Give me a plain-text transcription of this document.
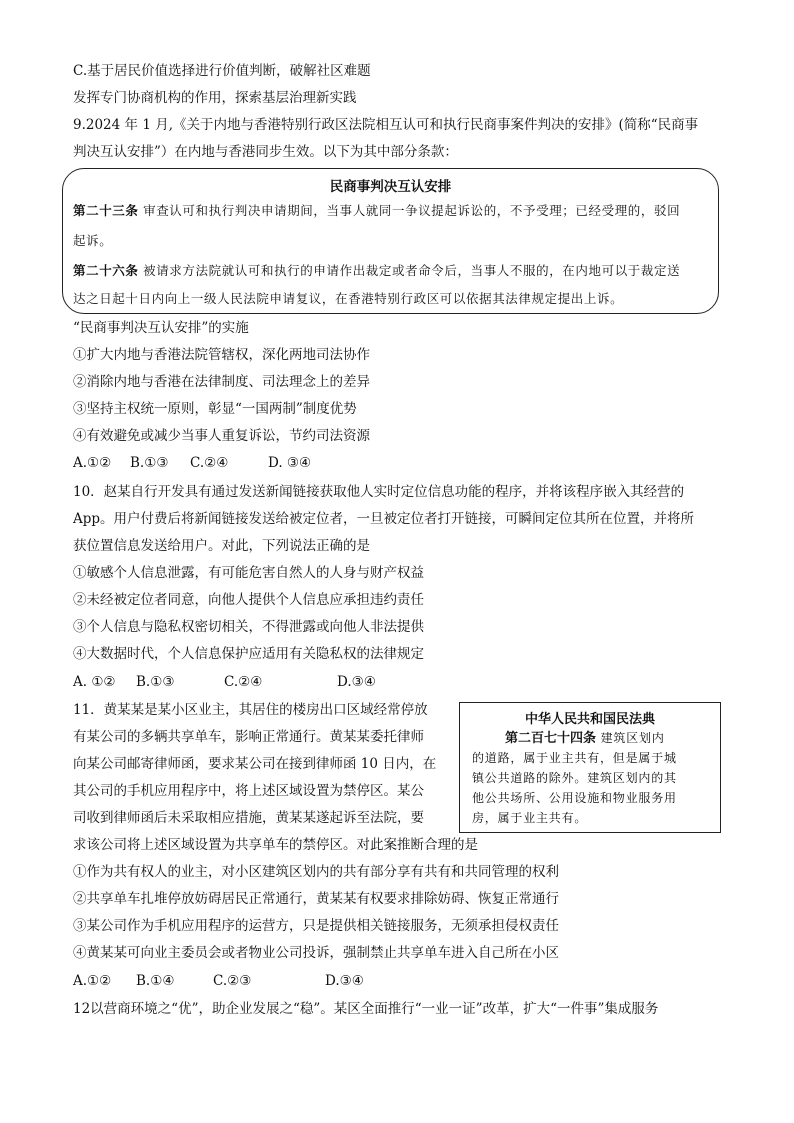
C.基于居民价值选择进行价值判断，破解社区难题
发挥专门协商机构的作用，探索基层治理新实践
9.2024 年 1 月,《关于内地与香港特别行政区法院相互认可和执行民商事案件判决的安排》(简称“民商事
判决互认安排”）在内地与香港同步生效。以下为其中部分条款：
民商事判决互认安排
第二十三条 审查认可和执行判决申请期间，当事人就同一争议提起诉讼的，不予受理；已经受理的，驳回
起诉。
第二十六条 被请求方法院就认可和执行的申请作出裁定或者命令后，当事人不服的，在内地可以于裁定送
达之日起十日内向上一级人民法院申请复议，在香港特别行政区可以依据其法律规定提出上诉。
“民商事判决互认安排”的实施
①扩大内地与香港法院管辖权，深化两地司法协作
②消除内地与香港在法律制度、司法理念上的差异
③坚持主权统一原则，彰显“一国两制”制度优势
④有效避免或减少当事人重复诉讼，节约司法资源
A.①② B.①③ C.②④	D. ③④
10．赵某自行开发具有通过发送新闻链接获取他人实时定位信息功能的程序，并将该程序嵌入其经营的
App。用户付费后将新闻链接发送给被定位者，一旦被定位者打开链接，可瞬间定位其所在位置，并将所
获位置信息发送给用户。对此，下列说法正确的是
①敏感个人信息泄露，有可能危害自然人的人身与财产权益
②未经被定位者同意，向他人提供个人信息应承担违约责任
③个人信息与隐私权密切相关，不得泄露或向他人非法提供
④大数据时代，个人信息保护应适用有关隐私权的法律规定
A. ①② B.①③	C.②④	D.③④
11．黄某某是某小区业主，其居住的楼房出口区域经常停放
有某公司的多辆共享单车，影响正常通行。黄某某委托律师
向某公司邮寄律师函，要求某公司在接到律师函 10 日内，在
其公司的手机应用程序中，将上述区域设置为禁停区。某公
司收到律师函后未采取相应措施，黄某某遂起诉至法院，要
求该公司将上述区域设置为共享单车的禁停区。对此案推断合理的是
中华人民共和国民法典
第二百七十四条 建筑区划内
的道路，属于业主共有，但是属于城
镇公共道路的除外。建筑区划内的其
他公共场所、公用设施和物业服务用
房，属于业主共有。
①作为共有权人的业主，对小区建筑区划内的共有部分享有共有和共同管理的权利
②共享单车扎堆停放妨碍居民正常通行，黄某某有权要求排除妨碍、恢复正常通行
③某公司作为手机应用程序的运营方，只是提供相关链接服务，无须承担侵权责任
④黄某某可向业主委员会或者物业公司投诉，强制禁止共享单车进入自己所在小区
A.①② B.①④	C.②③	D.③④
12以营商环境之“优”，助企业发展之“稳”。某区全面推行“一业一证”改革，扩大“一件事”集成服务
